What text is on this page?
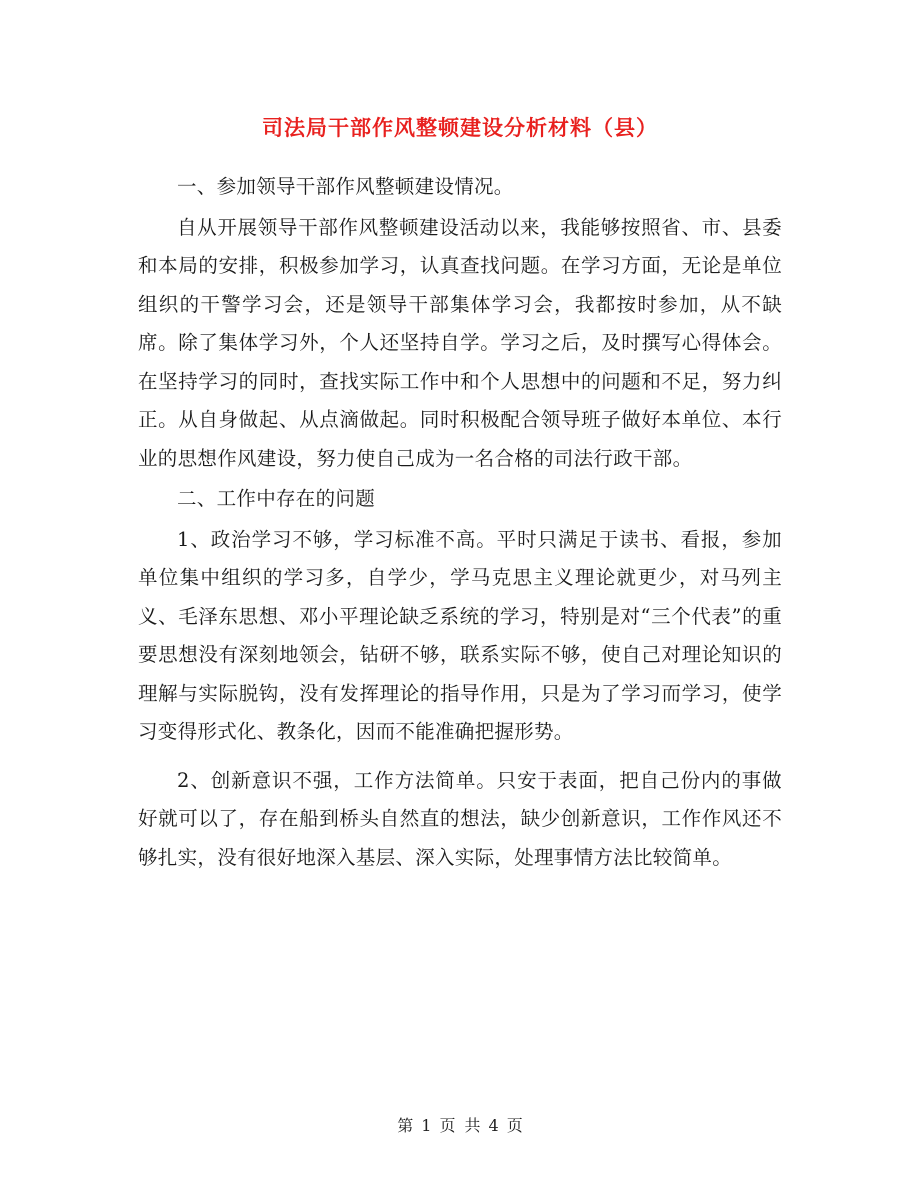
司法局干部作风整顿建设分析材料（县）

一、参加领导干部作风整顿建设情况。

自从开展领导干部作风整顿建设活动以来，我能够按照省、市、县委和本局的安排，积极参加学习，认真查找问题。在学习方面，无论是单位组织的干警学习会，还是领导干部集体学习会，我都按时参加，从不缺席。除了集体学习外，个人还坚持自学。学习之后，及时撰写心得体会。在坚持学习的同时，查找实际工作中和个人思想中的问题和不足，努力纠正。从自身做起、从点滴做起。同时积极配合领导班子做好本单位、本行业的思想作风建设，努力使自己成为一名合格的司法行政干部。

二、工作中存在的问题

1、政治学习不够，学习标准不高。平时只满足于读书、看报，参加单位集中组织的学习多，自学少，学马克思主义理论就更少，对马列主义、毛泽东思想、邓小平理论缺乏系统的学习，特别是对“三个代表”的重要思想没有深刻地领会，钻研不够，联系实际不够，使自己对理论知识的理解与实际脱钩，没有发挥理论的指导作用，只是为了学习而学习，使学习变得形式化、教条化，因而不能准确把握形势。

2、创新意识不强，工作方法简单。只安于表面，把自己份内的事做好就可以了，存在船到桥头自然直的想法，缺少创新意识，工作作风还不够扎实，没有很好地深入基层、深入实际，处理事情方法比较简单。

第 1 页 共 4 页
